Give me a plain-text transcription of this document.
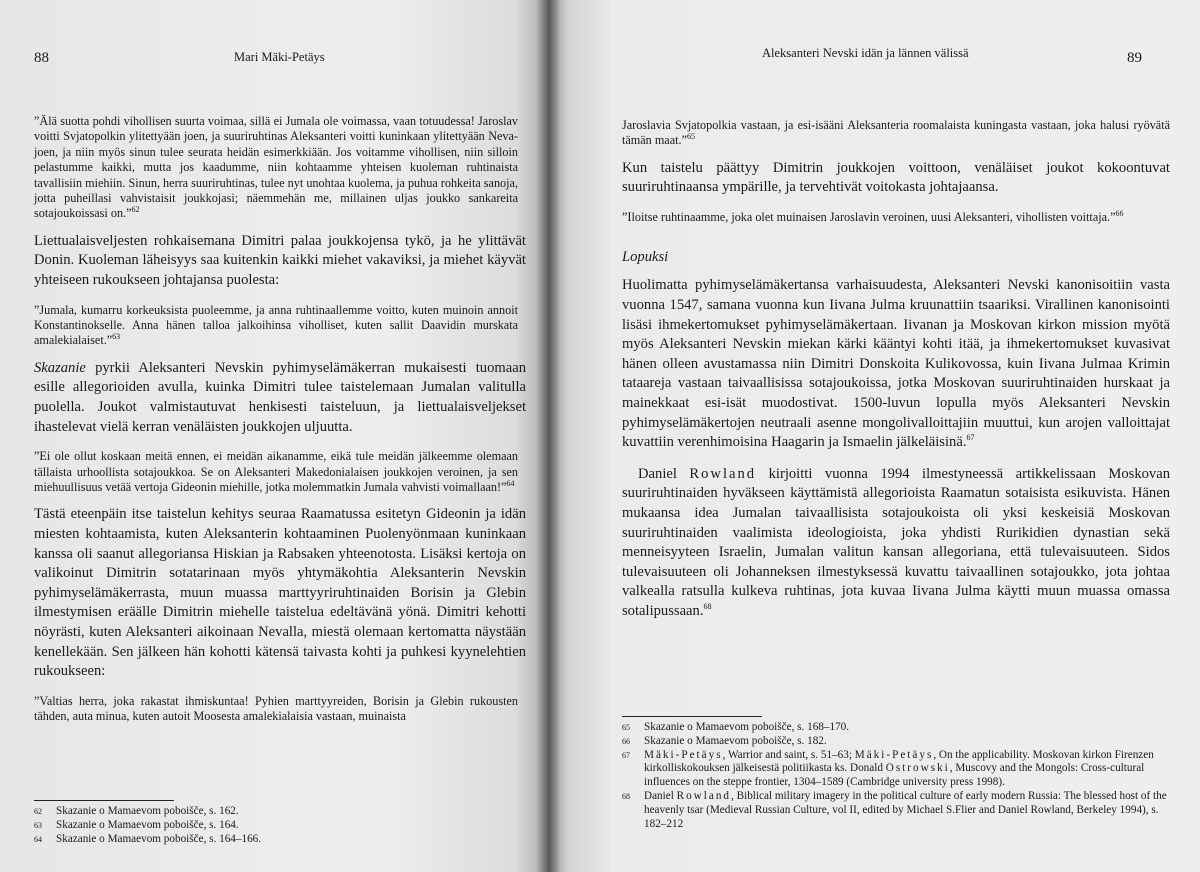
88	Mari Mäki-Petäys

”Älä suotta pohdi vihollisen suurta voimaa, sillä ei Jumala ole voimassa, vaan totuudessa! Jaroslav voitti Svjatopolkin ylitettyään joen, ja suuriruhtinas Aleksanteri voitti kuninkaan ylitettyään Neva-joen, ja niin myös sinun tulee seurata heidän esimerkkiään. Jos voitamme vihollisen, niin silloin pelastumme kaikki, mutta jos kaadumme, niin kohtaamme yhteisen kuoleman ruhtinaista tavallisiin miehiin. Sinun, herra suuriruhtinas, tulee nyt unohtaa kuolema, ja puhua rohkeita sanoja, jotta puheillasi vahvistaisit joukkojasi; näemmehän me, millainen uljas joukko sankareita sotajoukoissasi on.”$^{62}$

Liettualaisveljesten rohkaisemana Dimitri palaa joukkojensa tykö, ja he ylittävät Donin. Kuoleman läheisyys saa kuitenkin kaikki miehet vakaviksi, ja miehet käyvät yhteiseen rukoukseen johtajansa puolesta:

”Jumala, kumarru korkeuksista puoleemme, ja anna ruhtinaallemme voitto, kuten muinoin annoit Konstantinokselle. Anna hänen talloa jalkoihinsa viholliset, kuten sallit Daavidin murskata amalekialaiset.”$^{63}$

Skazanie pyrkii Aleksanteri Nevskin pyhimyselämäkerran mukaisesti tuomaan esille allegorioiden avulla, kuinka Dimitri tulee taistelemaan Jumalan valitulla puolella. Joukot valmistautuvat henkisesti taisteluun, ja liettualaisveljekset ihastelevat vielä kerran venäläisten joukkojen uljuutta.

”Ei ole ollut koskaan meitä ennen, ei meidän aikanamme, eikä tule meidän jälkeemme olemaan tällaista urhoollista sotajoukkoa. Se on Aleksanteri Makedonialaisen joukkojen veroinen, ja sen miehuullisuus vetää vertoja Gideonin miehille, jotka molemmatkin Jumala vahvisti voimallaan!”$^{64}$

Tästä eteenpäin itse taistelun kehitys seuraa Raamatussa esitetyn Gideonin ja idän miesten kohtaamista, kuten Aleksanterin kohtaaminen Puolenyönmaan kuninkaan kanssa oli saanut allegoriansa Hiskian ja Rabsaken yhteenotosta. Lisäksi kertoja on valikoinut Dimitrin sotatarinaan myös yhtymäkohtia Aleksanterin Nevskin pyhimyselämäkerrasta, muun muassa marttyyriruhtinaiden Borisin ja Glebin ilmestymisen eräälle Dimitrin miehelle taistelua edeltävänä yönä. Dimitri kehotti nöyrästi, kuten Aleksanteri aikoinaan Nevalla, miestä olemaan kertomatta näystään kenellekään. Sen jälkeen hän kohotti kätensä taivasta kohti ja puhkesi kyynelehtien rukoukseen:

”Valtias herra, joka rakastat ihmiskuntaa! Pyhien marttyyreiden, Borisin ja Glebin rukousten tähden, auta minua, kuten autoit Moosesta amalekialaisia vastaan, muinaista

62 Skazanie o Mamaevom poboišče, s. 162.

63 Skazanie o Mamaevom poboišče, s. 164.

64 Skazanie o Mamaevom poboišče, s. 164–166.

Aleksanteri Nevski idän ja lännen välissä	89

Jaroslavia Svjatopolkia vastaan, ja esi-isääni Aleksanteria roomalaista kuningasta vastaan, joka halusi ryövätä tämän maat.”$^{65}$

Kun taistelu päättyy Dimitrin joukkojen voittoon, venäläiset joukot kokoontuvat suuriruhtinaansa ympärille, ja tervehtivät voitokasta johtajaansa.

”Iloitse ruhtinaamme, joka olet muinaisen Jaroslavin veroinen, uusi Aleksanteri, vihollisten voittaja.”$^{66}$

Lopuksi

Huolimatta pyhimyselämäkertansa varhaisuudesta, Aleksanteri Nevski kanonisoitiin vasta vuonna 1547, samana vuonna kun Iivana Julma kruunattiin tsaariksi. Virallinen kanonisointi lisäsi ihmekertomukset pyhimyselämäkertaan. Iivanan ja Moskovan kirkon mission myötä myös Aleksanteri Nevskin miekan kärki kääntyi kohti itää, ja ihmekertomukset kuvasivat hänen olleen avustamassa niin Dimitri Donskoita Kulikovossa, kuin Iivana Julmaa Krimin tataareja vastaan taivaallisissa sotajoukoissa, jotka Moskovan suuriruhtinaiden hurskaat ja mainekkaat esi-isät muodostivat. 1500-luvun lopulla myös Aleksanteri Nevskin pyhimyselämäkertojen neutraali asenne mongolivalloittajiin muuttui, kun arojen valloittajat kuvattiin verenhimoisina Haagarin ja Ismaelin jälkeläisinä.$^{67}$

Daniel Rowland kirjoitti vuonna 1994 ilmestyneessä artikkelissaan Moskovan suuriruhtinaiden hyväkseen käyttämistä allegorioista Raamatun sotaisista esikuvista. Hänen mukaansa idea Jumalan taivaallisista sotajoukoista oli yksi keskeisiä Moskovan suuriruhtinaiden vaalimista ideologioista, joka yhdisti Rurikidien dynastian sekä menneisyyteen Israelin, Jumalan valitun kansan allegoriana, että tulevaisuuteen. Sidos tulevaisuuteen oli Johanneksen ilmestyksessä kuvattu taivaallinen sotajoukko, jota johtaa valkealla ratsulla kulkeva ruhtinas, jota kuvaa Iivana Julma käytti muun muassa omassa sotalipussaan.$^{68}$

65 Skazanie o Mamaevom poboišče, s. 168–170.

66 Skazanie o Mamaevom poboišče, s. 182.

67 Mäki-Petäys, Warrior and saint, s. 51–63; Mäki-Petäys, On the applicability. Moskovan kirkon Firenzen kirkolliskokouksen jälkeisestä politiikasta ks. Donald Ostrowski, Muscovy and the Mongols: Cross-cultural influences on the steppe frontier, 1304–1589 (Cambridge university press 1998).

68 Daniel Rowland, Biblical military imagery in the political culture of early modern Russia: The blessed host of the heavenly tsar (Medieval Russian Culture, vol II, edited by Michael S.Flier and Daniel Rowland, Berkeley 1994), s. 182–212
